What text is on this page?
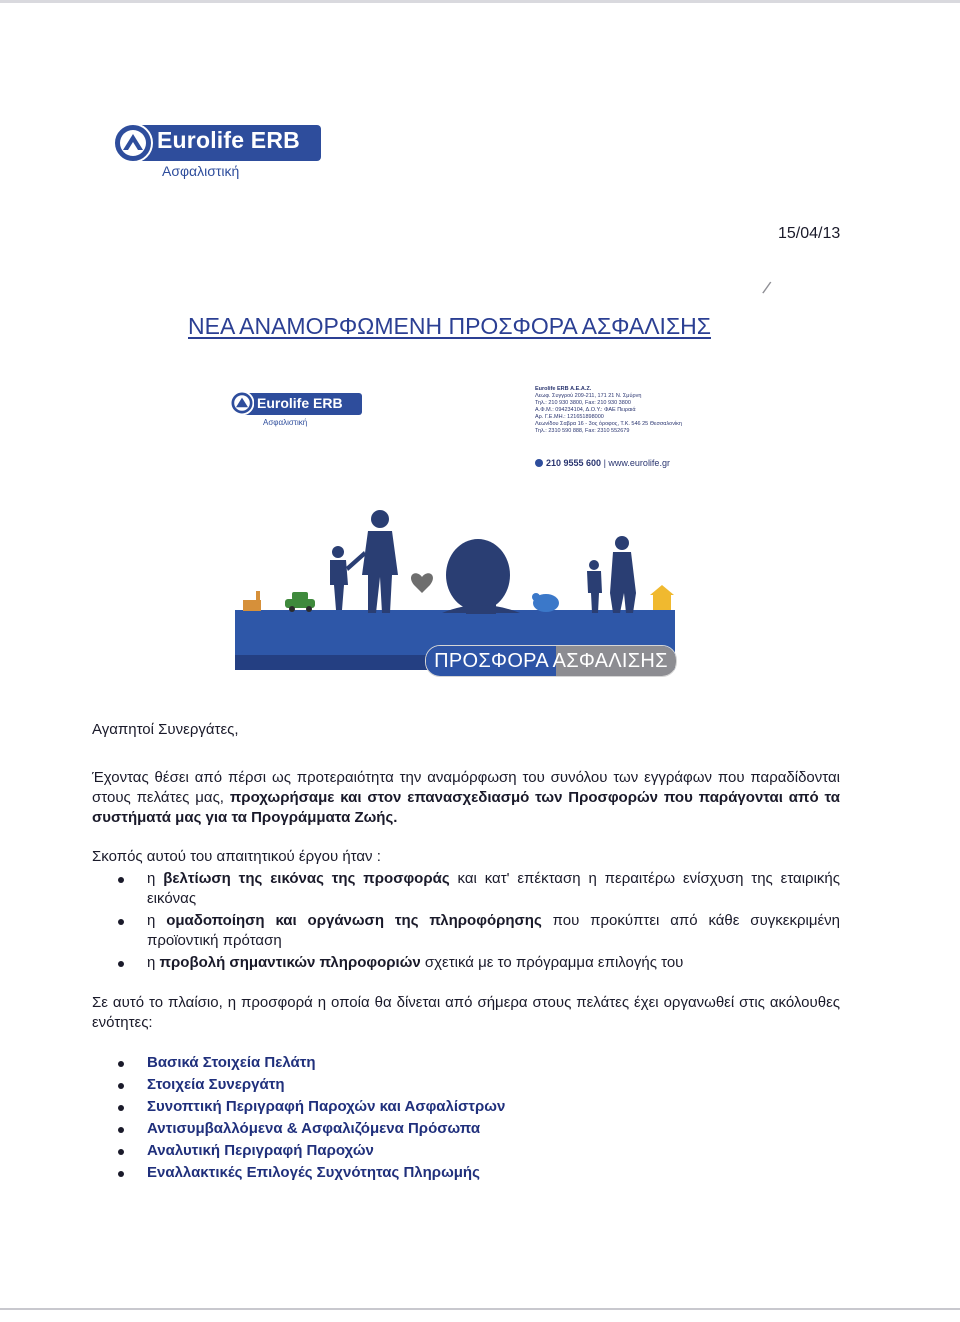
Eurolife ERB
Ασφαλιστική
15/04/13
/
ΝΕΑ ΑΝΑΜΟΡΦΩΜΕΝΗ ΠΡΟΣΦΟΡΑ ΑΣΦΑΛΙΣΗΣ
Eurolife ERB
Ασφαλιστική
Eurolife ERB Α.Ε.Α.Ζ.
Λεωφ. Συγγρού 209-211, 171 21 Ν. Σμύρνη
Τηλ.: 210 930 3800, Fax: 210 930 3800
Α.Φ.Μ.: 094234104, Δ.Ο.Υ.: ΦΑΕ Πειραιά
Αρ. Γ.Ε.ΜΗ.: 121651898000
Λεωνίδου Σαβρα 16 - 3ος όροφος, Τ.Κ. 546 25 Θεσσαλονίκη
Τηλ.: 2310 590 888, Fax: 2310 552679
210 9555 600 | www.eurolife.gr
ΠΡΟΣΦΟΡΑ ΑΣΦΑΛΙΣΗΣ
Αγαπητοί Συνεργάτες,
Έχοντας θέσει από πέρσι ως προτεραιότητα την αναμόρφωση του συνόλου των εγγράφων που παραδίδονται στους πελάτες μας, προχωρήσαμε και στον επανασχεδιασμό των Προσφορών που παράγονται από τα συστήματά μας για τα Προγράμματα Ζωής.
Σκοπός αυτού του απαιτητικού έργου ήταν :
η βελτίωση της εικόνας της προσφοράς και κατ' επέκταση η περαιτέρω ενίσχυση της εταιρικής εικόνας
η ομαδοποίηση και οργάνωση της πληροφόρησης που προκύπτει από κάθε συγκεκριμένη προϊοντική πρόταση
η προβολή σημαντικών πληροφοριών σχετικά με το πρόγραμμα επιλογής του
Σε αυτό το πλαίσιο, η προσφορά η οποία θα δίνεται από σήμερα στους πελάτες έχει οργανωθεί στις ακόλουθες ενότητες:
Βασικά Στοιχεία Πελάτη
Στοιχεία Συνεργάτη
Συνοπτική Περιγραφή Παροχών και Ασφαλίστρων
Αντισυμβαλλόμενα & Ασφαλιζόμενα Πρόσωπα
Αναλυτική Περιγραφή Παροχών
Εναλλακτικές Επιλογές Συχνότητας Πληρωμής
